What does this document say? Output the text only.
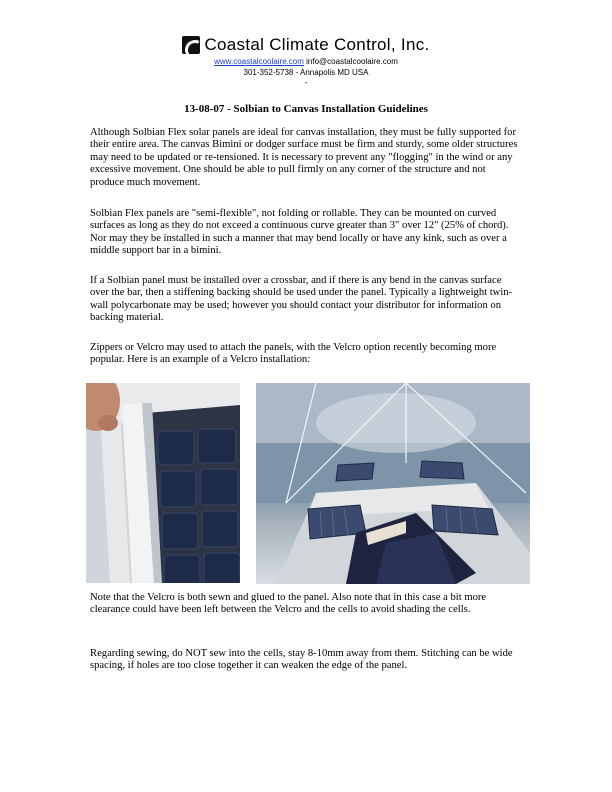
Coastal Climate Control, Inc.
www.coastalcoolaire.com info@coastalcoolaire.com
301-352-5738 - Annapolis MD USA
-
13-08-07 - Solbian to Canvas Installation Guidelines

Although Solbian Flex solar panels are ideal for canvas installation, they must be fully supported for their entire area. The canvas Bimini or dodger surface must be firm and sturdy, some older structures may need to be updated or re-tensioned. It is necessary to prevent any "flogging" in the wind or any excessive movement. One should be able to pull firmly on any corner of the structure and not produce much movement.

Solbian Flex panels are "semi-flexible", not folding or rollable. They can be mounted on curved surfaces as long as they do not exceed a continuous curve greater than 3" over 12" (25% of chord). Nor may they be installed in such a manner that may bend locally or have any kink, such as over a middle support bar in a bimini.

If a Solbian panel must be installed over a crossbar, and if there is any bend in the canvas surface over the bar, then a stiffening backing should be used under the panel. Typically a lightweight twin-wall polycarbonate may be used; however you should contact your distributor for information on backing material.

Zippers or Velcro may used to attach the panels, with the Velcro option recently becoming more popular. Here is an example of a Velcro installation:

Note that the Velcro is both sewn and glued to the panel. Also note that in this case a bit more clearance could have been left between the Velcro and the cells to avoid shading the cells.

Regarding sewing, do NOT sew into the cells, stay 8-10mm away from them. Stitching can be wide spacing, if holes are too close together it can weaken the edge of the panel.
